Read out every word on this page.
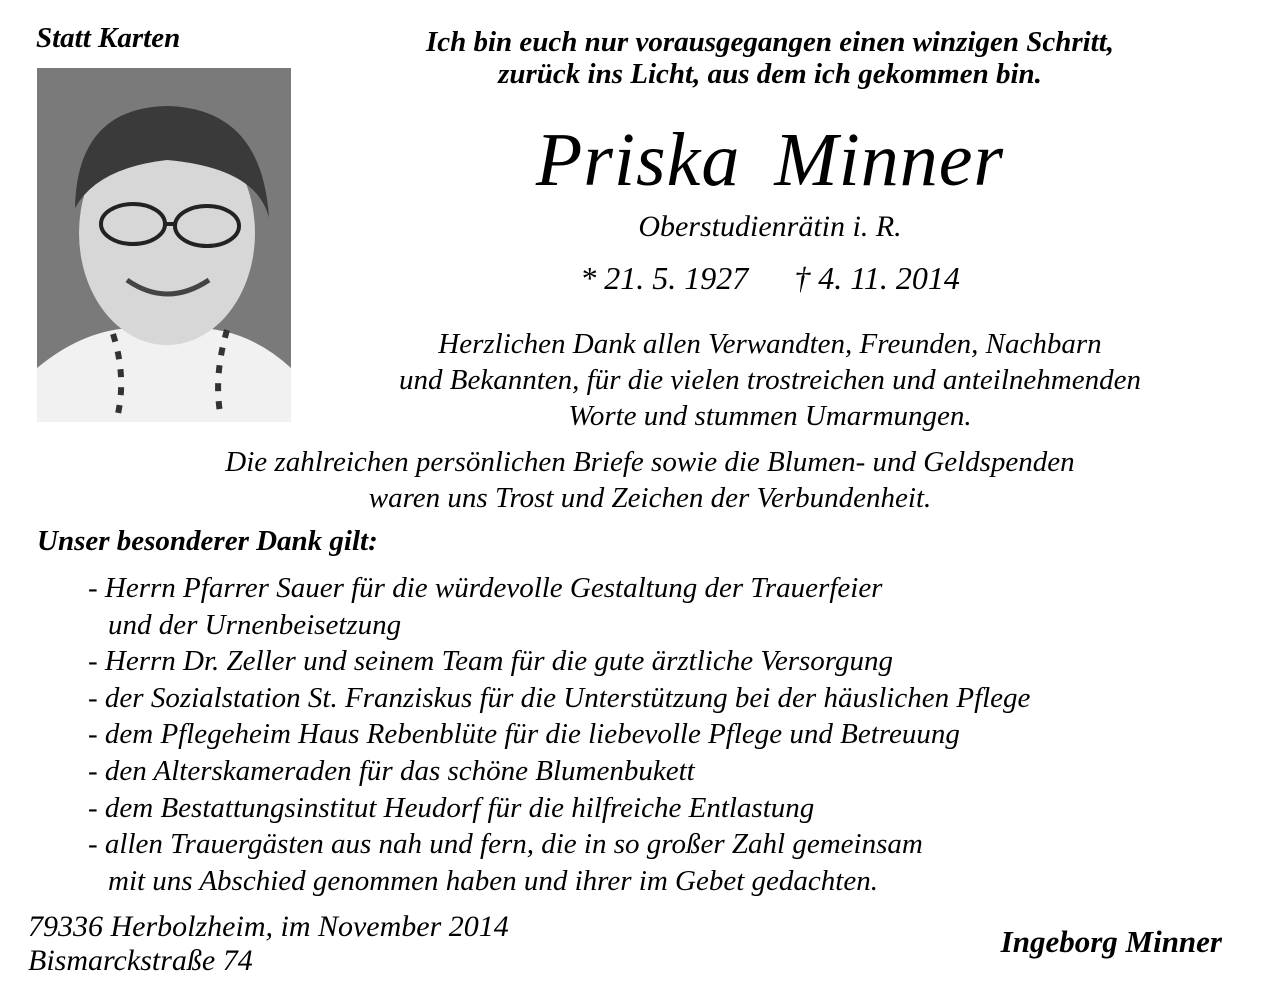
Statt Karten	Ich bin euch nur vorausgegangen einen winzigen Schritt,
zurück ins Licht, aus dem ich gekommen bin.
Priska Minner
Oberstudienrätin i. R.
* 21. 5. 1927 † 4. 11. 2014
Herzlichen Dank allen Verwandten, Freunden, Nachbarn
und Bekannten, für die vielen trostreichen und anteilnehmenden
Worte und stummen Umarmungen.
Die zahlreichen persönlichen Briefe sowie die Blumen- und Geldspenden
waren uns Trost und Zeichen der Verbundenheit.
Unser besonderer Dank gilt:
- Herrn Pfarrer Sauer für die würdevolle Gestaltung der Trauerfeier
und der Urnenbeisetzung
- Herrn Dr. Zeller und seinem Team für die gute ärztliche Versorgung
- der Sozialstation St. Franziskus für die Unterstützung bei der häuslichen Pflege
- dem Pflegeheim Haus Rebenblüte für die liebevolle Pflege und Betreuung
- den Alterskameraden für das schöne Blumenbukett
- dem Bestattungsinstitut Heudorf für die hilfreiche Entlastung
- allen Trauergästen aus nah und fern, die in so großer Zahl gemeinsam
mit uns Abschied genommen haben und ihrer im Gebet gedachten.
79336 Herbolzheim, im November 2014
Bismarckstraße 74
Ingeborg Minner
